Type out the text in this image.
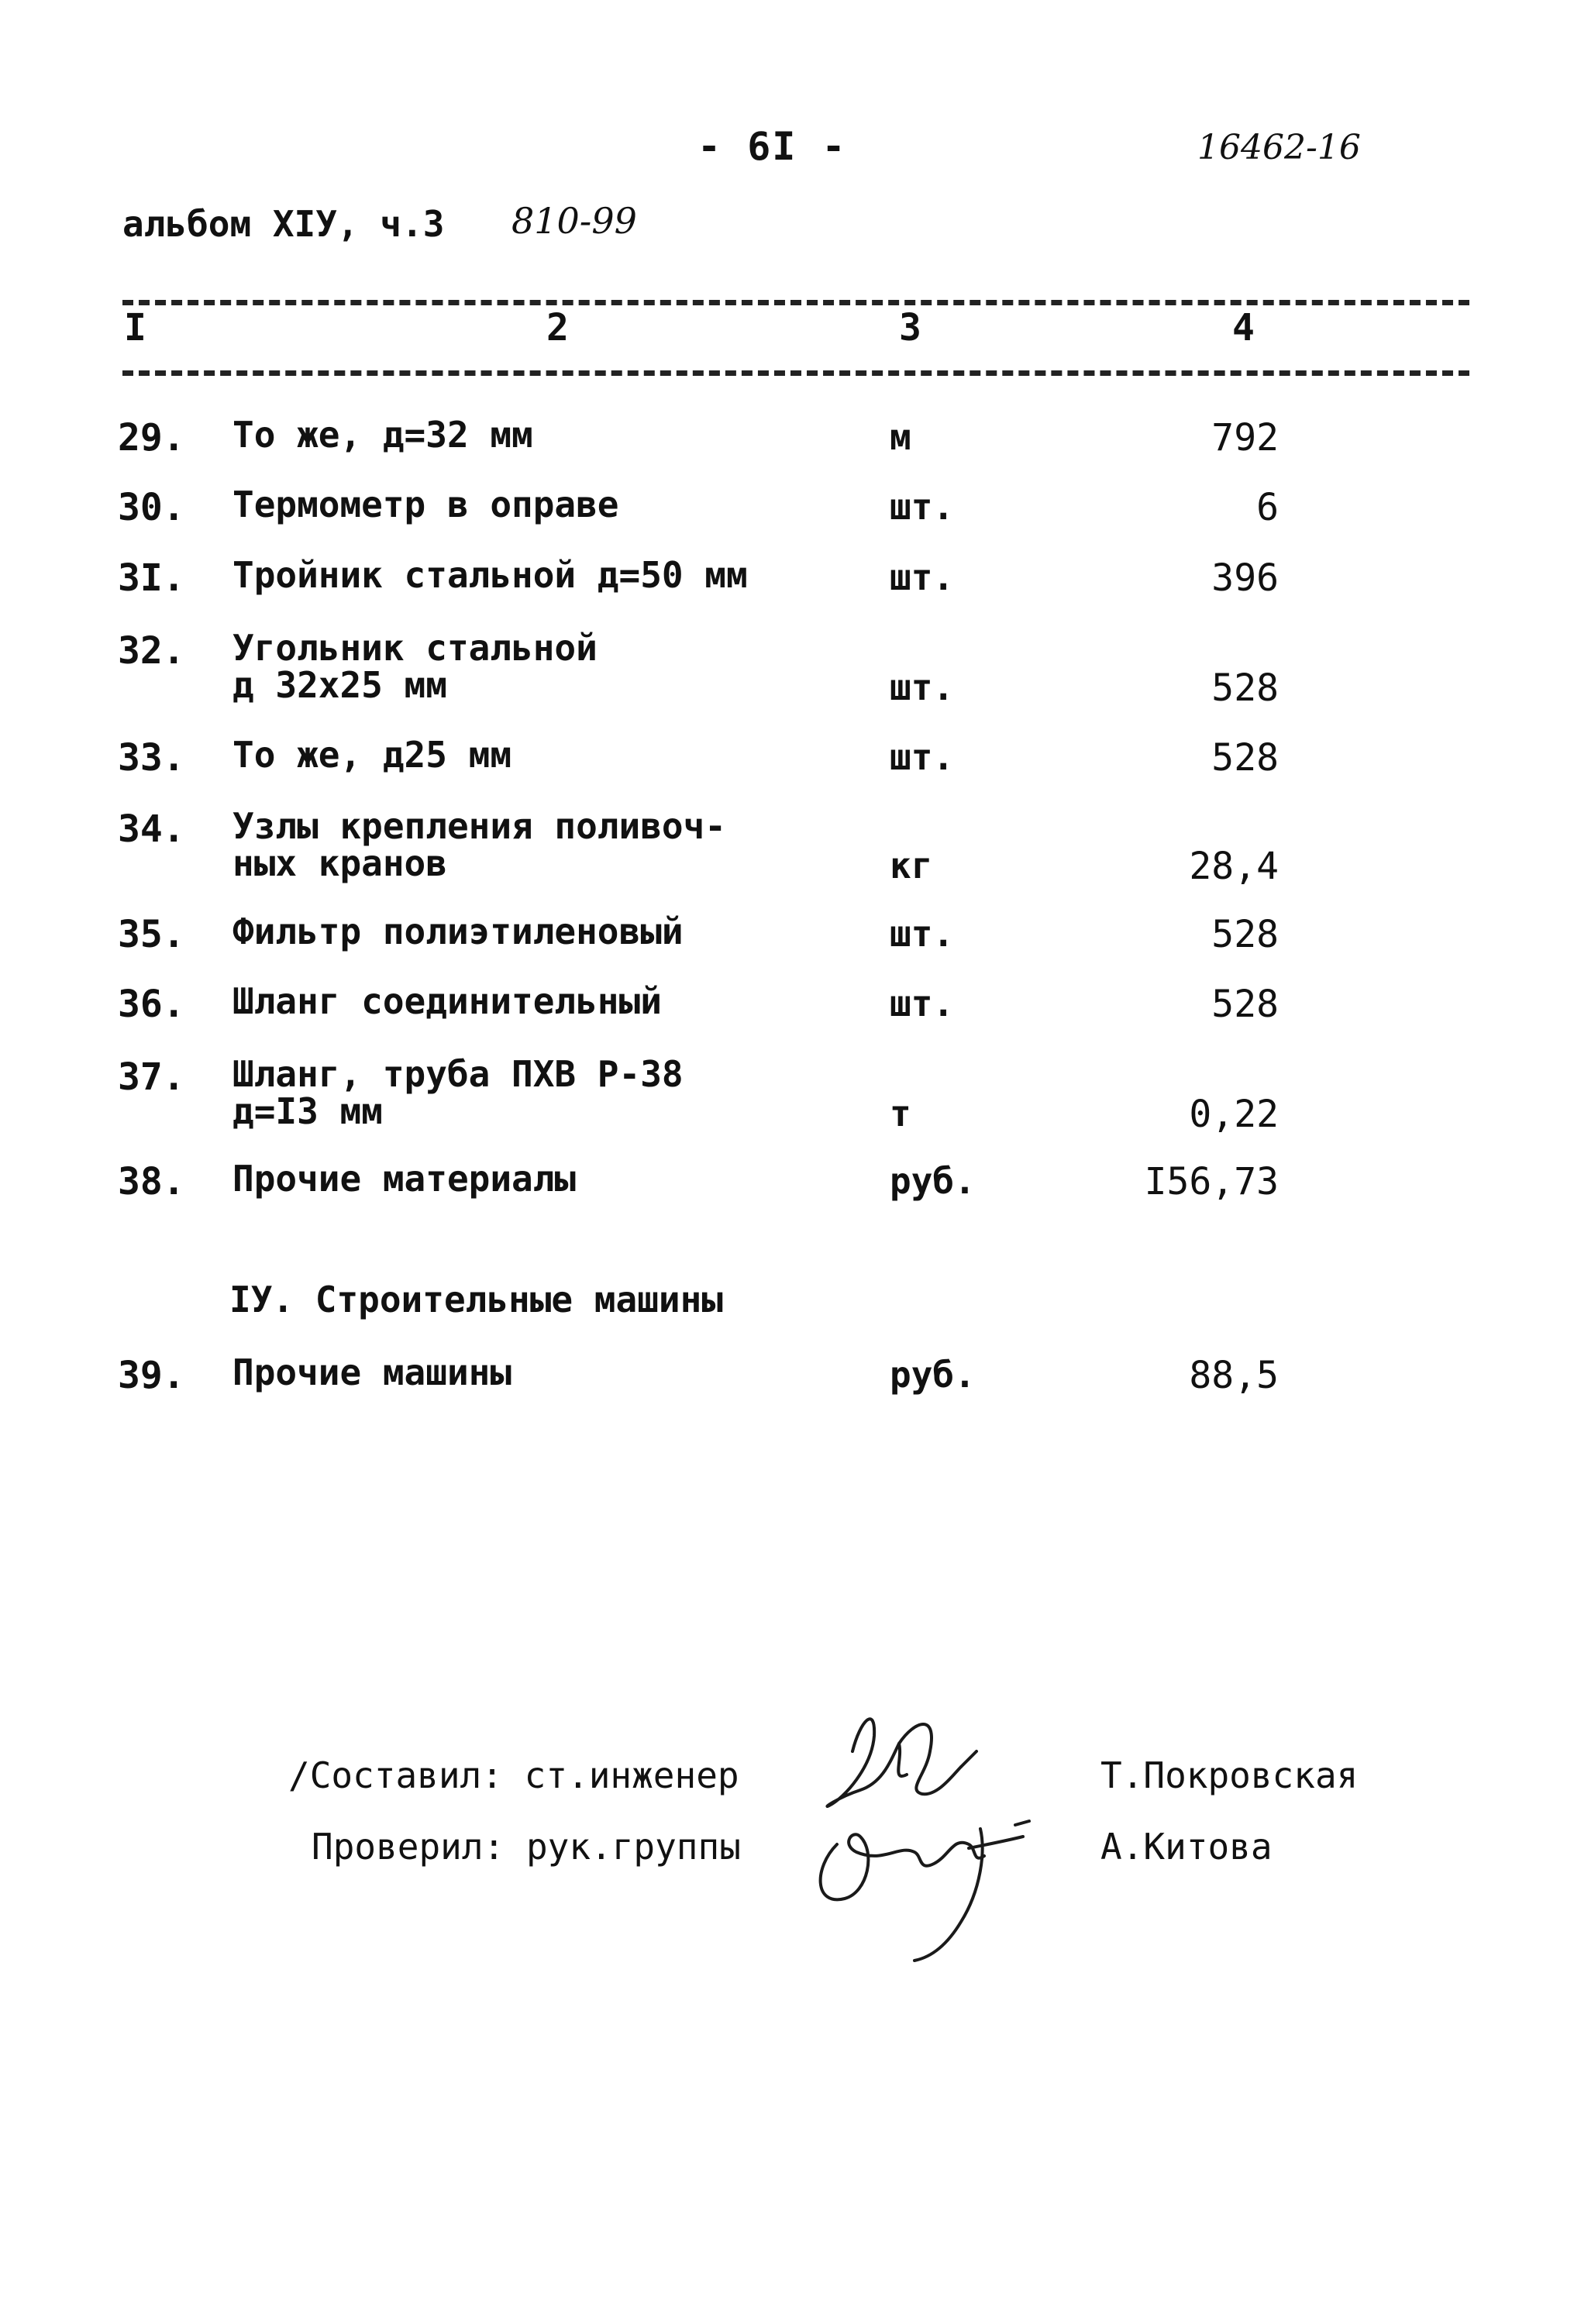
- 6I -	16462-16
альбом XIУ, ч.3 810-99
I	2	3	4
29.	То же, д=32 мм	м	792
30.	Термометр в оправе	шт.	6
3I.	Тройник стальной д=50 мм	шт.	396
32.	Угольник стальной
д 32х25 мм	шт.	528
33.	То же, д25 мм	шт.	528
34.	Узлы крепления поливоч-
ных кранов	кг	28,4
35.	Фильтр полиэтиленовый	шт.	528
36.	Шланг соединительный	шт.	528
37.	Шланг, труба ПХВ Р-38
д=I3 мм	т	0,22
38.	Прочие материалы	руб.	I56,73
IУ. Строительные машины
39.	Прочие машины	руб.	88,5
/Составил: ст.инженер
Проверил: рук.группы
Т.Покровская
А.Китова
